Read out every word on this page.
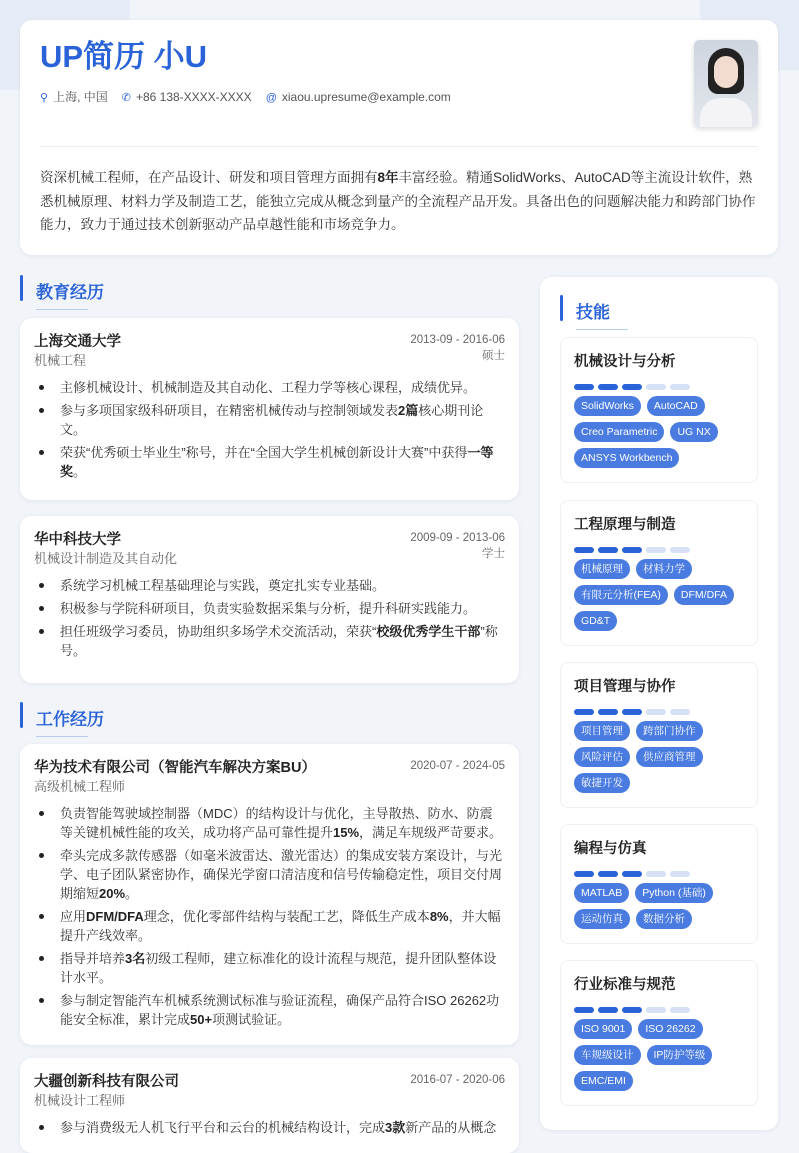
UP简历 小U
⚲ 上海, 中国 ✆ +86 138-XXXX-XXXX @ xiaou.upresume@example.com
资深机械工程师，在产品设计、研发和项目管理方面拥有8年丰富经验。精通SolidWorks、AutoCAD等主流设计软件，熟悉机械原理、材料力学及制造工艺，能独立完成从概念到量产的全流程产品开发。具备出色的问题解决能力和跨部门协作能力，致力于通过技术创新驱动产品卓越性能和市场竞争力。
教育经历
上海交通大学
机械工程
2013-09 - 2016-06
硕士
主修机械设计、机械制造及其自动化、工程力学等核心课程，成绩优异。
参与多项国家级科研项目，在精密机械传动与控制领域发表2篇核心期刊论文。
荣获“优秀硕士毕业生”称号，并在“全国大学生机械创新设计大赛”中获得一等奖。
华中科技大学
机械设计制造及其自动化
2009-09 - 2013-06
学士
系统学习机械工程基础理论与实践，奠定扎实专业基础。
积极参与学院科研项目，负责实验数据采集与分析，提升科研实践能力。
担任班级学习委员，协助组织多场学术交流活动，荣获“校级优秀学生干部”称号。
工作经历
华为技术有限公司（智能汽车解决方案BU）
高级机械工程师
2020-07 - 2024-05
负责智能驾驶域控制器（MDC）的结构设计与优化，主导散热、防水、防震等关键机械性能的攻关，成功将产品可靠性提升15%，满足车规级严苛要求。
牵头完成多款传感器（如毫米波雷达、激光雷达）的集成安装方案设计，与光学、电子团队紧密协作，确保光学窗口清洁度和信号传输稳定性，项目交付周期缩短20%。
应用DFM/DFA理念，优化零部件结构与装配工艺，降低生产成本8%，并大幅提升产线效率。
指导并培养3名初级工程师，建立标准化的设计流程与规范，提升团队整体设计水平。
参与制定智能汽车机械系统测试标准与验证流程，确保产品符合ISO 26262功能安全标准，累计完成50+项测试验证。
大疆创新科技有限公司
机械设计工程师
2016-07 - 2020-06
参与消费级无人机飞行平台和云台的机械结构设计，完成3款新产品的从概念
技能
机械设计与分析
SolidWorks	AutoCAD
Creo Parametric	UG NX
ANSYS Workbench
工程原理与制造
机械原理	材料力学
有限元分析(FEA)	DFM/DFA
GD&T
项目管理与协作
项目管理	跨部门协作
风险评估	供应商管理
敏捷开发
编程与仿真
MATLAB	Python (基础)
运动仿真	数据分析
行业标准与规范
ISO 9001	ISO 26262
车规级设计	IP防护等级
EMC/EMI
